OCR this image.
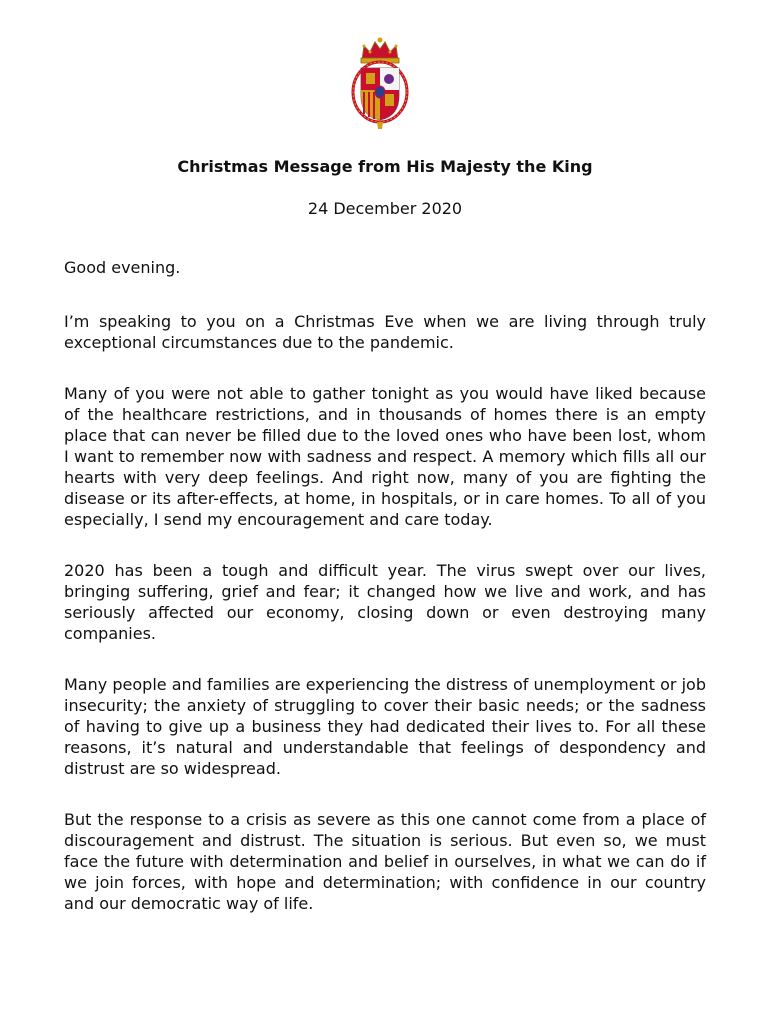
Christmas Message from His Majesty the King
24 December 2020

Good evening.

I’m speaking to you on a Christmas Eve when we are living through truly exceptional circumstances due to the pandemic.

Many of you were not able to gather tonight as you would have liked because of the healthcare restrictions, and in thousands of homes there is an empty place that can never be filled due to the loved ones who have been lost, whom I want to remember now with sadness and respect. A memory which fills all our hearts with very deep feelings. And right now, many of you are fighting the disease or its after-effects, at home, in hospitals, or in care homes. To all of you especially, I send my encouragement and care today.

2020 has been a tough and difficult year. The virus swept over our lives, bringing suffering, grief and fear; it changed how we live and work, and has seriously affected our economy, closing down or even destroying many companies.

Many people and families are experiencing the distress of unemployment or job insecurity; the anxiety of struggling to cover their basic needs; or the sadness of having to give up a business they had dedicated their lives to. For all these reasons, it’s natural and understandable that feelings of despondency and distrust are so widespread.

But the response to a crisis as severe as this one cannot come from a place of discouragement and distrust. The situation is serious. But even so, we must face the future with determination and belief in ourselves, in what we can do if we join forces, with hope and determination; with confidence in our country and our democratic way of life.
